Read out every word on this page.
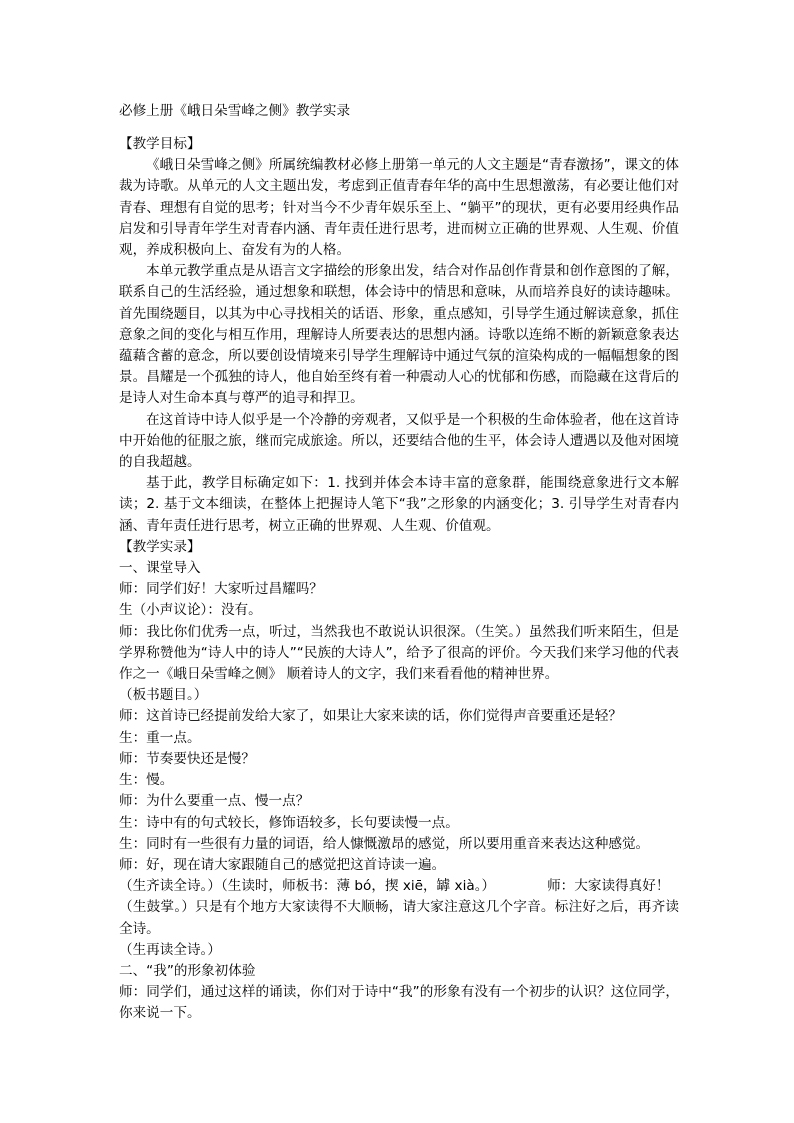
必修上册《峨日朵雪峰之侧》教学实录

【教学目标】

《峨日朵雪峰之侧》所属统编教材必修上册第一单元的人文主题是“青春激扬”，课文的体裁为诗歌。从单元的人文主题出发，考虑到正值青春年华的高中生思想激荡，有必要让他们对青春、理想有自觉的思考；针对当今不少青年娱乐至上、“躺平”的现状，更有必要用经典作品启发和引导青年学生对青春内涵、青年责任进行思考，进而树立正确的世界观、人生观、价值观，养成积极向上、奋发有为的人格。

本单元教学重点是从语言文字描绘的形象出发，结合对作品创作背景和创作意图的了解，联系自己的生活经验，通过想象和联想，体会诗中的情思和意味，从而培养良好的读诗趣味。首先围绕题目，以其为中心寻找相关的话语、形象，重点感知，引导学生通过解读意象，抓住意象之间的变化与相互作用，理解诗人所要表达的思想内涵。诗歌以连绵不断的新颖意象表达蕴藉含蓄的意念，所以要创设情境来引导学生理解诗中通过气氛的渲染构成的一幅幅想象的图景。昌耀是一个孤独的诗人，他自始至终有着一种震动人心的忧郁和伤感，而隐藏在这背后的是诗人对生命本真与尊严的追寻和捍卫。

在这首诗中诗人似乎是一个冷静的旁观者，又似乎是一个积极的生命体验者，他在这首诗中开始他的征服之旅，继而完成旅途。所以，还要结合他的生平，体会诗人遭遇以及他对困境的自我超越。

基于此，教学目标确定如下：1. 找到并体会本诗丰富的意象群，能围绕意象进行文本解读；2. 基于文本细读，在整体上把握诗人笔下“我”之形象的内涵变化；3. 引导学生对青春内涵、青年责任进行思考，树立正确的世界观、人生观、价值观。

【教学实录】

一、课堂导入

师：同学们好！大家听过昌耀吗？

生（小声议论）：没有。

师：我比你们优秀一点，听过，当然我也不敢说认识很深。（生笑。）虽然我们听来陌生，但是学界称赞他为“诗人中的诗人”“民族的大诗人”，给予了很高的评价。今天我们来学习他的代表作之一《峨日朵雪峰之侧》 顺着诗人的文字，我们来看看他的精神世界。

（板书题目。）

师：这首诗已经提前发给大家了，如果让大家来读的话，你们觉得声音要重还是轻？

生：重一点。

师：节奏要快还是慢？

生：慢。

师：为什么要重一点、慢一点？

生：诗中有的句式较长，修饰语较多，长句要读慢一点。

生：同时有一些很有力量的词语，给人慷慨激昂的感觉，所以要用重音来表达这种感觉。

师：好，现在请大家跟随自己的感觉把这首诗读一遍。

（生齐读全诗。）（生读时，师板书：薄 bó，揳 xiē，罅 xià。）	师：大家读得真好！

（生鼓掌。）只是有个地方大家读得不大顺畅，请大家注意这几个字音。标注好之后，再齐读全诗。

（生再读全诗。）

二、“我”的形象初体验

师：同学们，通过这样的诵读，你们对于诗中“我”的形象有没有一个初步的认识？这位同学，你来说一下。
